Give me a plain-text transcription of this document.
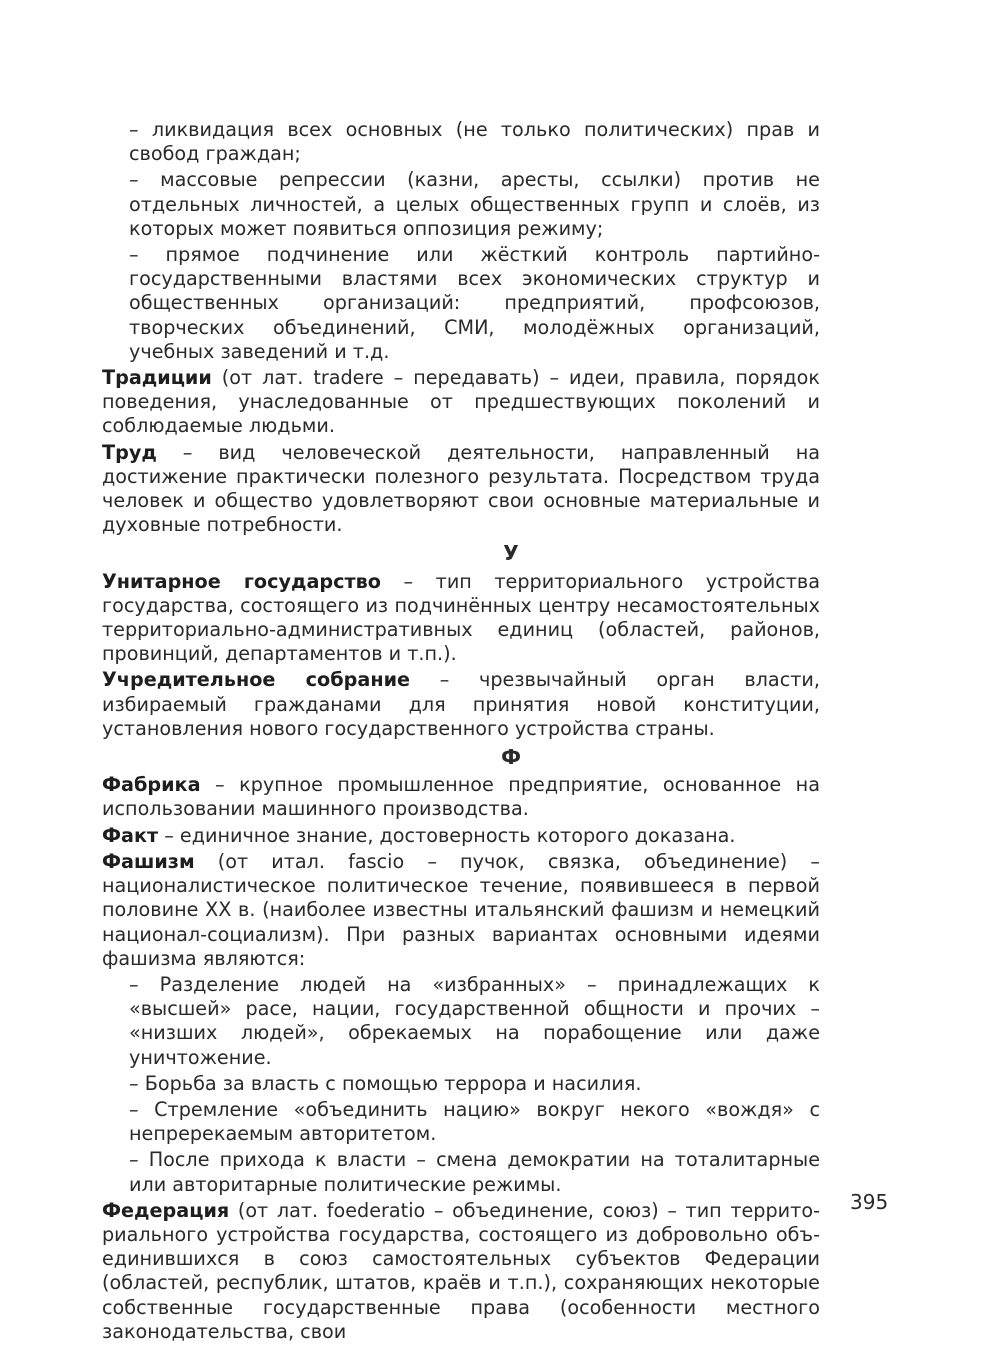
– ликвидация всех основных (не только политических) прав и свобод граждан;

– массовые репрессии (казни, аресты, ссылки) против не отдельных личностей, а целых общественных групп и слоёв, из которых может появиться оппозиция режиму;

– прямое подчинение или жёсткий контроль партийно-государственными властями всех экономических структур и общественных организаций: предприятий, профсоюзов, творческих объединений, СМИ, молодёжных организаций, учебных заведений и т.д.

Традиции (от лат. tradere – передавать) – идеи, правила, порядок поведения, унаследованные от предшествующих поколений и соблюдаемые людьми.

Труд – вид человеческой деятельности, направленный на достижение практически полезного результата. Посредством труда человек и общество удовлетворяют свои основные материальные и духовные потребности.

У

Унитарное государство – тип территориального устройства государства, состоящего из подчинённых центру несамостоятельных территориально-административных единиц (областей, районов, провинций, департаментов и т.п.).

Учредительное собрание – чрезвычайный орган власти, избираемый гражданами для принятия новой конституции, установления нового государственного устройства страны.

Ф

Фабрика – крупное промышленное предприятие, основанное на использовании машинного производства.

Факт – единичное знание, достоверность которого доказана.

Фашизм (от итал. fascio – пучок, связка, объединение) – националистическое политическое течение, появившееся в первой половине XX в. (наиболее известны итальянский фашизм и немецкий национал-социализм). При разных вариантах основными идеями фашизма являются:

– Разделение людей на «избранных» – принадлежащих к «высшей» расе, нации, государственной общности и прочих – «низших людей», обрекаемых на порабощение или даже уничтожение.

– Борьба за власть с помощью террора и насилия.

– Стремление «объединить нацию» вокруг некого «вождя» с непререкаемым авторитетом.

– После прихода к власти – смена демократии на тоталитарные или авторитарные политические режимы.

Федерация (от лат. foederatio – объединение, союз) – тип территориального устройства государства, состоящего из добровольно объединившихся в союз самостоятельных субъектов Федерации (областей, республик, штатов, краёв и т.п.), сохраняющих некоторые собственные государственные права (особенности местного законодательства, свои

395
